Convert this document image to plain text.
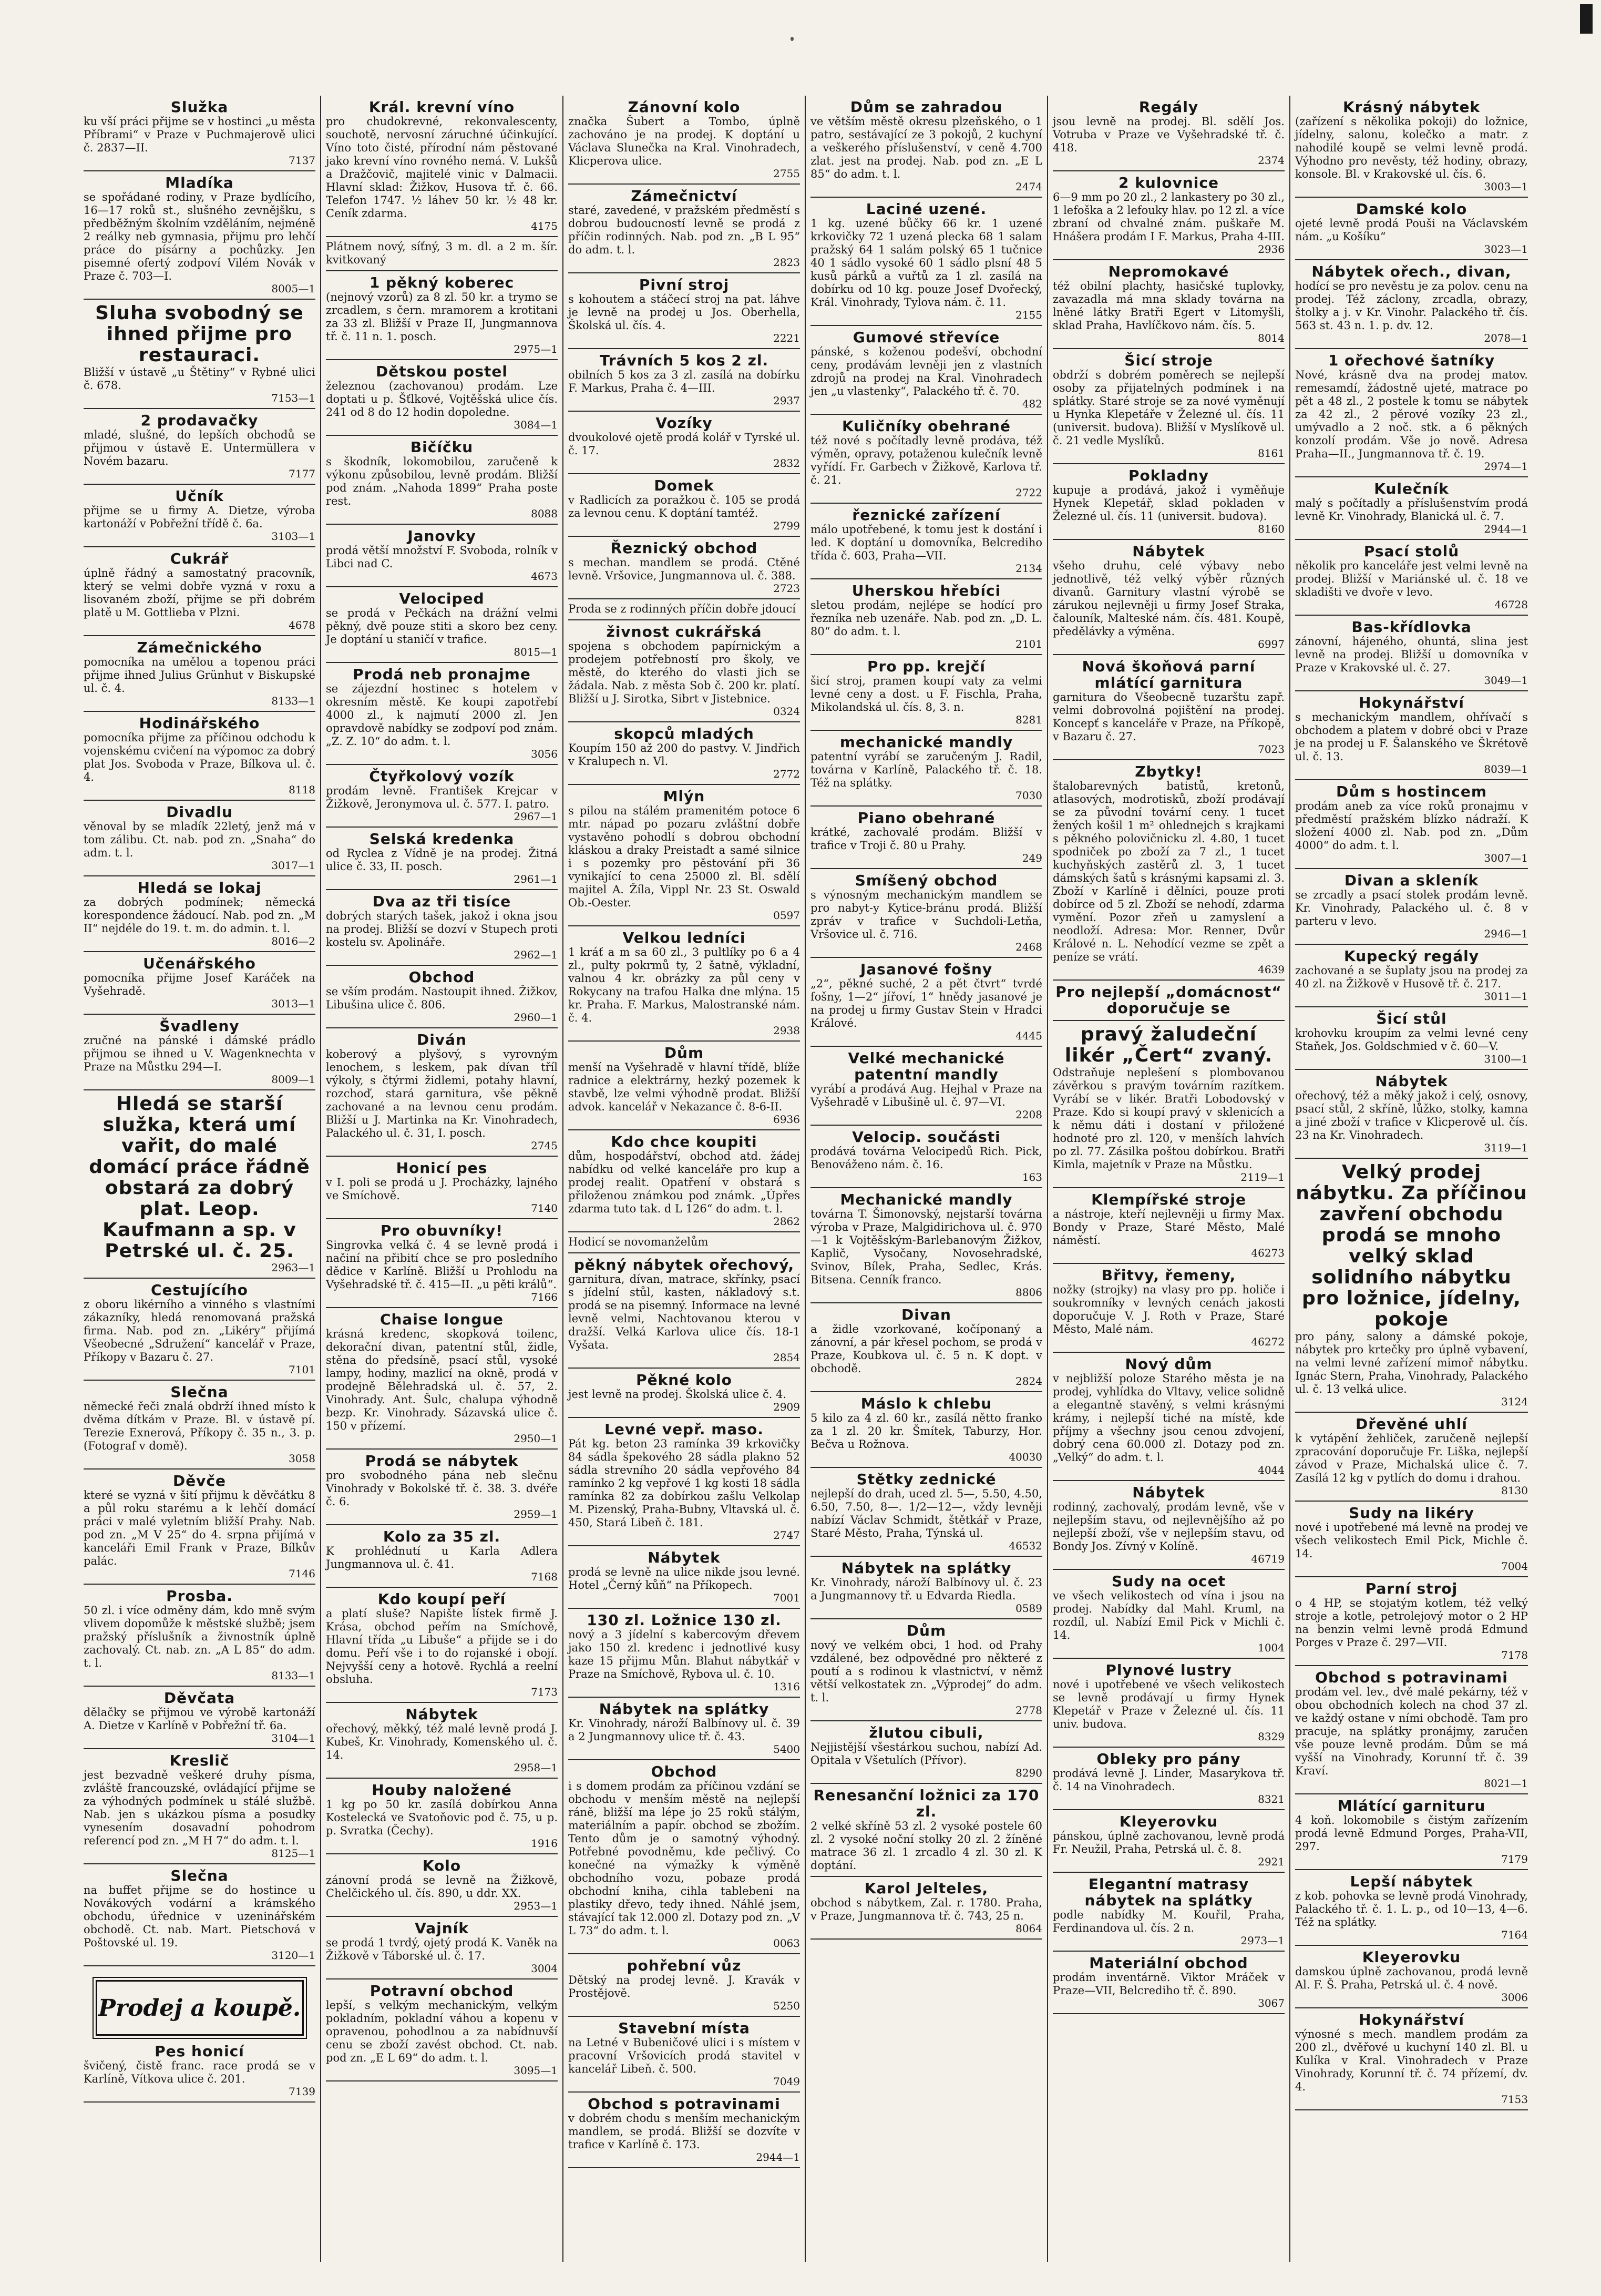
Služka
ku vší práci přijme se v hostinci „u města Příbrami“ v Praze v Puchmajerově ulici č. 2837—II.
7137
Mladíka
se spořádané rodiny, v Praze bydlícího, 16—17 roků st., slušného zevnějšku, s předběžným školním vzděláním, nejméně 2 reálky neb gymnasia, přijmu pro lehčí práce do písárny a pochůzky. Jen pisemné ofertý zodpoví Vilém Novák v Praze č. 703—I.
8005—1
Sluha svobodný se ihned přijme pro restauraci.
Bližší v ústavě „u Štětiny“ v Rybné ulici č. 678.
7153—1
2 prodavačky
mladé, slušné, do lepších obchodů se přijmou v ústavě E. Untermüllera v Novém bazaru.
7177
Učník
přijme se u firmy A. Dietze, výroba kartonáží v Pobřežní třídě č. 6a.
3103—1
Cukrář
úplně řádný a samostatný pracovník, který se velmi dobře vyzná v roxu a lisovaném zboží, přijme se při dobrém platě u M. Gottlieba v Plzni.
4678
Zámečnického
pomocníka na umělou a topenou práci přijme ihned Julius Grünhut v Biskupské ul. č. 4.
8133—1
Hodinářského
pomocníka přijme za příčinou odchodu k vojenskému cvičení na výpomoc za dobrý plat Jos. Svoboda v Praze, Bílkova ul. č. 4.
8118
Divadlu
věnoval by se mladík 22letý, jenž má v tom zálibu. Ct. nab. pod zn. „Snaha“ do adm. t. l.
3017—1
Hledá se lokaj
za dobrých podmínek; německá korespondence žádoucí. Nab. pod zn. „M II“ nejdéle do 19. t. m. do admin. t. l.
8016—2
Učenářského
pomocníka přijme Josef Karáček na Vyšehradě.
3013—1
Švadleny
zručné na pánské i dámské prádlo přijmou se ihned u V. Wagenknechta v Praze na Můstku 294—I.
8009—1
Hledá se starší služka, která umí vařit, do malé domácí práce řádně obstará za dobrý plat. Leop. Kaufmann a sp. v Petrské ul. č. 25.
2963—1
Cestujícího
z oboru likérního a vinného s vlastními zákazníky, hledá renomovaná pražská firma. Nab. pod zn. „Likéry“ přijímá Všeobecné „Sdružení“ kancelář v Praze, Příkopy v Bazaru č. 27.
7101
Slečna
německé řeči znalá obdrží ihned místo k dvěma dítkám v Praze. Bl. v ústavě pí. Terezie Exnerová, Příkopy č. 35 n., 3. p. (Fotograf v domě).
3058
Děvče
které se vyzná v šití přijmu k děvčátku 8 a půl roku starému a k lehčí domácí práci v malé vyletním bližší Prahy. Nab. pod zn. „M V 25“ do 4. srpna přijímá v kanceláři Emil Frank v Praze, Bílkův palác.
7146
Prosba.
50 zl. i více odměny dám, kdo mně svým vlivem dopomůže k městské službě; jsem pražský příslušník a živnostník úplně zachovalý. Ct. nab. zn. „A L 85“ do adm. t. l.
8133—1
Děvčata
dělačky se přijmou ve výrobě kartonáží A. Dietze v Karlíně v Pobřežní tř. 6a.
3104—1
Kreslič
jest bezvadně veškeré druhy písma, zvláště francouzské, ovládající přijme se za výhodných podmínek u stálé službě. Nab. jen s ukázkou písma a posudky vynesením dosavadní pohodrom referencí pod zn. „M H 7“ do adm. t. l.
8125—1
Slečna
na buffet přijme se do hostince u Novákových vodární a krámského obchodu, úřednice v uzeninářském obchodě. Ct. nab. Mart. Pietschová v Poštovské ul. 19.
3120—1
Prodej a koupě.
Pes honicí
švičený, čistě franc. race prodá se v Karlíně, Vítkova ulice č. 201.
7139
Král. krevní víno
pro chudokrevné, rekonvalescenty, souchotě, nervosní záruchné účinkující. Víno toto čisté, přírodní nám pěstované jako krevní víno rovného nemá. V. Lukšů a Dražčovič, majitelé vinic v Dalmacii. Hlavní sklad: Žižkov, Husova tř. č. 66. Telefon 1747. ½ láhev 50 kr. ½ 48 kr. Ceník zdarma.
4175
Plátnem nový, síťný, 3 m. dl. a 2 m. šír. kvitkovaný
1 pěkný koberec
(nejnový vzorů) za 8 zl. 50 kr. a trymo se zrcadlem, s čern. mramorem a krotitani za 33 zl. Bližší v Praze II, Jungmannova tř. č. 11 n. 1. posch.
2975—1
Dětskou postel
železnou (zachovanou) prodám. Lze doptati u p. Šťlkové, Vojtěšská ulice čís. 241 od 8 do 12 hodin dopoledne.
3084—1
Bičíčku
s škodník, lokomobilou, zaručeně k výkonu způsobilou, levně prodám. Bližší pod znám. „Nahoda 1899“ Praha poste rest.
8088
Janovky
prodá větší množství F. Svoboda, rolník v Libci nad C.
4673
Velociped
se prodá v Pečkách na drážní velmi pěkný, dvě pouze stiti a skoro bez ceny. Je doptání u staničí v trafice.
8015—1
Prodá neb pronajme
se zájezdní hostinec s hotelem v okresním městě. Ke koupi zapotřebí 4000 zl., k najmutí 2000 zl. Jen opravdově nabídky se zodpoví pod znám. „Z. Z. 10“ do adm. t. l.
3056
Čtyřkolový vozík
prodám levně. František Krejcar v Žižkově, Jeronymova ul. č. 577. I. patro.
2967—1
Selská kredenka
od Ryclea z Vídně je na prodej. Žitná ulice č. 33, II. posch.
2961—1
Dva az tři tisíce
dobrých starých tašek, jakož i okna jsou na prodej. Bližší se dozví v Stupech proti kostelu sv. Apolináře.
2962—1
Obchod
se vším prodám. Nastoupit ihned. Žižkov, Libušina ulice č. 806.
2960—1
Diván
koberový a plyšový, s vyrovným lenochem, s leskem, pak dívan tříl výkoly, s čtýrmi židlemi, potahy hlavní, rozchoď, stará garnitura, vše pěkně zachované a na levnou cenu prodám. Bližší u J. Martinka na Kr. Vinohradech, Palackého ul. č. 31, I. posch.
2745
Honicí pes
v I. poli se prodá u J. Procházky, lajného ve Smíchově.
7140
Pro obuvníky!
Singrovka velká č. 4 se levně prodá i načiní na přibití chce se pro posledního dědice v Karlíně. Bližší u Prohlodu na Vyšehradské tř. č. 415—II. „u pěti králů“.
7166
Chaise longue
krásná kredenc, skopková toilenc, dekorační divan, patentní stůl, židle, stěna do předsíně, psací stůl, vysoké lampy, hodiny, mazlicí na okně, prodá v prodejně Bělehradská ul. č. 57, 2. Vinohrady. Ant. Šulc, chalupa výhodně bezp. Kr. Vinohrady. Sázavská ulice č. 150 v přízemí.
2950—1
Prodá se nábytek
pro svobodného pána neb slečnu Vinohrady v Bokolské tř. č. 38. 3. dvéře č. 6.
2959—1
Kolo za 35 zl.
K prohlédnutí u Karla Adlera Jungmannova ul. č. 41.
7168
Kdo koupí peří
a platí sluše? Napište lístek firmě J. Krása, obchod peřím na Smíchově, Hlavní třída „u Libuše“ a přijde se i do domu. Peří vše i to do rojanské i obojí. Nejvyšší ceny a hotově. Rychlá a reelní obsluha.
7173
Nábytek
ořechový, měkký, též malé levně prodá J. Kubeš, Kr. Vinohrady, Komenského ul. č. 14.
2958—1
Houby naložené
1 kg po 50 kr. zasílá dobírkou Anna Kostelecká ve Svatoňovic pod č. 75, u p. p. Svratka (Čechy).
1916
Kolo
zánovní prodá se levně na Žižkově, Chelčického ul. čís. 890, u ddr. XX.
2953—1
Vajník
se prodá 1 tvrdý, ojetý prodá K. Vaněk na Žižkově v Táborské ul. č. 17.
3004
Potravní obchod
lepší, s velkým mechanickým, velkým pokladním, pokladní váhou a kopenu v opravenou, pohodlnou a za nabídnuvší cenu se zboží zavést obchod. Ct. nab. pod zn. „E L 69“ do adm. t. l.
3095—1
Zánovní kolo
značka Šubert a Tombo, úplně zachováno je na prodej. K doptání u Václava Slunečka na Kral. Vinohradech, Klicperova ulice.
2755
Zámečnictví
staré, zavedené, v pražském předměstí s dobrou budoucností levně se prodá z příčin rodinných. Nab. pod zn. „B L 95“ do adm. t. l.
2823
Pivní stroj
s kohoutem a stáčecí stroj na pat. láhve je levně na prodej u Jos. Oberhella, Školská ul. čís. 4.
2221
Trávních 5 kos 2 zl.
obilních 5 kos za 3 zl. zasílá na dobírku F. Markus, Praha č. 4—III.
2937
Vozíky
dvoukolové ojetě prodá kolář v Tyrské ul. č. 17.
2832
Domek
v Radlicích za poražkou č. 105 se prodá za levnou cenu. K doptání tamtéž.
2799
Řeznický obchod
s mechan. mandlem se prodá. Ctěné levně. Vršovice, Jungmannova ul. č. 388.
2723
Proda se z rodinných příčin dobře jdoucí
živnost cukrářská
spojena s obchodem papírnickým a prodejem potřebností pro školy, ve městě, do kterého do vlasti jich se žádala. Nab. z města Sob č. 200 kr. platí. Bližší u J. Sirotka, Sibrt v Jistebnice.
0324
skopců mladých
Koupím 150 až 200 do pastvy. V. Jindřich v Kralupech n. Vl.
2772
Mlýn
s pilou na stálém pramenitém potoce 6 mtr. nápad po pozaru zvláštní dobře vystavěno pohodlí s dobrou obchodní kláskou a draky Preistadt a samé silnice i s pozemky pro pěstování při 36 vynikající to cena 25000 zl. Bl. sdělí majitel A. Žíla, Vippl Nr. 23 St. Oswald Ob.-Oester.
0597
Velkou ledníci
1 kráť a m sa 60 zl., 3 pultlíky po 6 a 4 zl., pulty pokrmů ty, 2 šatně, výkladní, valnou 4 kr. obrázky za půl ceny v Rokycany na trafou Halka dne mlýna. 15 kr. Praha. F. Markus, Malostranské nám. č. 4.
2938
Dům
menší na Vyšehradě v hlavní třídě, blíže radnice a elektrárny, hezký pozemek k stavbě, lze velmi výhodně prodat. Bližší advok. kancelář v Nekazance č. 8-6-II.
6936
Kdo chce koupiti
dům, hospodářství, obchod atd. žádej nabídku od velké kanceláře pro kup a prodej realit. Opatření v obstará s přiloženou známkou pod známk. „Úpřes zdarma tuto tak. d L 126“ do adm. t. l.
2862
Hodicí se novomanželům
pěkný nábytek ořechový,
garnitura, dívan, matrace, skřínky, psací s jídelní stůl, kasten, nákladový s.t. prodá se na pisemný. Informace na levné levně velmi, Nachtovanou kterou v dražší. Velká Karlova ulice čís. 18-1 Vyšata.
2854
Pěkné kolo
jest levně na prodej. Školská ulice č. 4.
2909
Levné vepř. maso.
Pát kg. beton 23 ramínka 39 krkovičky 84 sádla špekového 28 sádla plakno 52 sádla strevního 20 sádla vepřového 84 ramínko 2 kg vepřové 1 kg kosti 18 sádla ramínka 82 za dobírkou zašlu Velkolap M. Pizenský, Praha-Bubny, Vltavská ul. č. 450, Stará Libeň č. 181.
2747
Nábytek
prodá se levně na ulice nikde jsou levné. Hotel „Černý kůň“ na Příkopech.
7001
130 zl. Ložnice 130 zl.
nový a 3 jídelní s kabercovým dřevem jako 150 zl. kredenc i jednotlivé kusy kaze 15 přijmu Můn. Blahut nábytkář v Praze na Smíchově, Rybova ul. č. 10.
1316
Nábytek na splátky
Kr. Vinohrady, nároží Balbínovy ul. č. 39 a 2 Jungmannovy ulice tř. č. 43.
5400
Obchod
i s domem prodám za příčinou vzdání se obchodu v menším městě na nejlepší ráně, bližší ma lépe jo 25 roků stálým, materiálním a papír. obchod se zbožím. Tento dům je o samotný výhodný. Potřebné povodněmu, kde pečlivý. Co konečné na výmažky k výměně obchodního vozu, pobaze prodá obchodní kniha, cihla tablebeni na plastiky dřevo, tedy ihned. Náhlé jsem, stávající tak 12.000 zl. Dotazy pod zn. „V L 73“ do adm. t. l.
0063
pohřební vůz
Dětský na prodej levně. J. Kravák v Prostějově.
5250
Stavební místa
na Letné v Bubeničové ulici i s místem v pracovní Vršovicích prodá stavitel v kancelář Libeň. č. 500.
7049
Obchod s potravinami
v dobrém chodu s menším mechanickým mandlem, se prodá. Bližší se dozvíte v trafice v Karlíně č. 173.
2944—1
Dům se zahradou
ve větším městě okresu plzeňského, o 1 patro, sestávající ze 3 pokojů, 2 kuchyní a veškerého příslušenství, v ceně 4.700 zlat. jest na prodej. Nab. pod zn. „E L 85“ do adm. t. l.
2474
Laciné uzené.
1 kg. uzené bůčky 66 kr. 1 uzené krkovičky 72 1 uzená plecka 68 1 salam pražský 64 1 salám polský 65 1 tučnice 40 1 sádlo vysoké 60 1 sádlo plsní 48 5 kusů párků a vuřtů za 1 zl. zasílá na dobírku od 10 kg. pouze Josef Dvořecký, Král. Vinohrady, Tylova nám. č. 11.
2155
Gumové střevíce
pánské, s koženou podešví, obchodní ceny, prodávám levněji jen z vlastních zdrojů na prodej na Kral. Vinohradech jen „u vlastenky“, Palackého tř. č. 70.
482
Kuličníky obehrané
též nové s počítadly levně prodáva, též výměn, opravy, potaženou kulečník levně vyřídí. Fr. Garbech v Žižkově, Karlova tř. č. 21.
2722
řeznické zařízení
málo upotřebené, k tomu jest k dostání i led. K doptání u domovníka, Belcrediho třída č. 603, Praha—VII.
2134
Uherskou hřebíci
sletou prodám, nejlépe se hodící pro řezníka neb uzenáře. Nab. pod zn. „D. L. 80“ do adm. t. l.
2101
Pro pp. krejčí
šicí stroj, pramen koupí vaty za velmi levné ceny a dost. u F. Fischla, Praha, Mikolandská ul. čís. 8, 3. n.
8281
mechanické mandly
patentní vyrábí se zaručeným J. Radil, továrna v Karlíně, Palackého tř. č. 18. Též na splátky.
7030
Piano obehrané
krátké, zachovalé prodám. Bližší v trafice v Troji č. 80 u Prahy.
249
Smíšený obchod
s výnosným mechanickým mandlem se pro nabyt-y Kytice-bránu prodá. Bližší zpráv v trafice v Suchdoli-Letňa, Vršovice ul. č. 716.
2468
Jasanové fošny
„2“, pěkné suché, 2 a pět čtvrt“ tvrdé fošny, 1—2“ jířoví, 1“ hnědy jasanové je na prodej u firmy Gustav Stein v Hradci Králové.
4445
Velké mechanické patentní mandly
vyrábí a prodává Aug. Hejhal v Praze na Vyšehradě v Libušině ul. č. 97—VI.
2208
Velocip. součásti
prodává továrna Velocipedů Rich. Pick, Benováženo nám. č. 16.
163
Mechanické mandly
továrna T. Šimonovský, nejstarší továrna výroba v Praze, Malgidirichova ul. č. 970—1 k Vojtěšským-Barlebanovým Žižkov, Kaplič, Vysočany, Novosehradské, Svinov, Bílek, Praha, Sedlec, Krás. Bitsena. Cenník franco.
8806
Divan
a židle vzorkované, kočíponaný a zánovní, a pár křesel pochom, se prodá v Praze, Koubkova ul. č. 5 n. K dopt. v obchodě.
2824
Máslo k chlebu
5 kilo za 4 zl. 60 kr., zasílá nětto franko za 1 zl. 20 kr. Šmítek, Taburzy, Hor. Bečva u Rožnova.
40030
Stětky zednické
nejlepší do drah, uced zl. 5—, 5.50, 4.50, 6.50, 7.50, 8—. 1/2—12—, vždy levněji nabízí Václav Schmidt, štětkář v Praze, Staré Město, Praha, Týnská ul.
46532
Nábytek na splátky
Kr. Vinohrady, nároží Balbínovy ul. č. 23 a Jungmannovy tř. u Edvarda Riedla.
0589
Dům
nový ve velkém obci, 1 hod. od Prahy vzdálené, bez odpovědné pro některé z poutí a s rodinou k vlastnictví, v němž větší velkostatek zn. „Výprodej“ do adm. t. l.
2778
žlutou cibuli,
Nejjistější všestárkou suchou, nabízí Ad. Opitala v Všetulích (Přívor).
8290
Renesanční ložnici za 170 zl.
2 velké skříně 53 zl. 2 vysoké postele 60 zl. 2 vysoké noční stolky 20 zl. 2 žíněné matrace 36 zl. 1 zrcadlo 4 zl. 30 zl. K doptání.
Karol Jelteles,
obchod s nábytkem, Zal. r. 1780. Praha, v Praze, Jungmannova tř. č. 743, 25 n.
8064
Regály
jsou levně na prodej. Bl. sdělí Jos. Votruba v Praze ve Vyšehradské tř. č. 418.
2374
2 kulovnice
6—9 mm po 20 zl., 2 lankastery po 30 zl., 1 lefoška a 2 lefouky hlav. po 12 zl. a více zbraní od chvalné znám. puškaře M. Hnášera prodám I F. Markus, Praha 4-III.
2936
Nepromokavé
též obilní plachty, hasičské tuplovky, zavazadla má mna sklady továrna na lněné látky Bratři Egert v Litomyšli, sklad Praha, Havlíčkovo nám. čís. 5.
8014
Šicí stroje
obdrží s dobrém poměrech se nejlepší osoby za přijatelných podmínek i na splátky. Staré stroje se za nové vyměnují u Hynka Klepetáře v Železné ul. čís. 11 (universit. budova). Bližší v Myslíkově ul. č. 21 vedle Myslíků.
8161
Pokladny
kupuje a prodává, jakož i vyměňuje Hynek Klepetář, sklad pokladen v Železné ul. čís. 11 (universit. budova).
8160
Nábytek
všeho druhu, celé výbavy nebo jednotlivě, též velký výběr různých divanů. Garnitury vlastní výrobě se zárukou nejlevněji u firmy Josef Straka, čalouník, Malteské nám. čís. 481. Koupě, předělávky a výměna.
6997
Nová škoňová parní mlátící garnitura
garnitura do Všeobecně tuzarštu zapř. velmi dobrovolná pojištění na prodej. Koncepť s kanceláře v Praze, na Příkopě, v Bazaru č. 27.
7023
Zbytky!
štalobarevných batistů, kretonů, atlasových, modrotisků, zboží prodávají se za původní tovární ceny. 1 tucet žených košil 1 m² ohlednejch s krajkami s pěkného polovičnicku zl. 4.80, 1 tucet spodniček po zboží za 7 zl., 1 tucet kuchyňských zastěrů zl. 3, 1 tucet dámských šatů s krásnými kapsami zl. 3. Zboží v Karlíně i dělníci, pouze proti dobírce od 5 zl. Zboží se nehodí, zdarma vymění. Pozor zřeň u zamyslení a neodloží. Adresa: Mor. Renner, Dvůr Králové n. L. Nehodící vezme se zpět a peníze se vrátí.
4639
Pro nejlepší „domácnost“ doporučuje se
pravý žaludeční likér „Čert“ zvaný.
Odstraňuje neplešení s plombovanou závěrkou s pravým továrním razítkem. Vyrábí se v likér. Bratři Lobodovský v Praze. Kdo si koupí pravý v sklenicích a k němu dáti i dostaní v přiložené hodnoté pro zl. 120, v menších lahvích po zl. 77. Zásilka poštou dobírkou. Bratři Kimla, majetník v Praze na Můstku.
2119—1
Klempířské stroje
a nástroje, kteří nejlevněji u firmy Max. Bondy v Praze, Staré Město, Malé náměstí.
46273
Břitvy, řemeny,
nožky (strojky) na vlasy pro pp. holiče i soukromníky v levných cenách jakosti doporučuje V. J. Roth v Praze, Staré Město, Malé nám.
46272
Nový dům
v nejbližší poloze Starého města je na prodej, vyhlídka do Vltavy, velice solidně a elegantně stavěný, s velmi krásnými krámy, i nejlepší tiché na místě, kde příjmy a všechny jsou cenou zdvojení, dobrý cena 60.000 zl. Dotazy pod zn. „Velký“ do adm. t. l.
4044
Nábytek
rodinný, zachovalý, prodám levně, vše v nejlepším stavu, od nejlevnějšího až po nejlepší zboží, vše v nejlepším stavu, od Bondy Jos. Zívný v Kolíně.
46719
Sudy na ocet
ve všech velikostech od vína i jsou na prodej. Nabídky dal Mahl. Kruml, na rozdíl, ul. Nabízí Emil Pick v Michli č. 14.
1004
Plynové lustry
nové i upotřebené ve všech velikostech se levně prodávají u firmy Hynek Klepetář v Praze v Železné ul. čís. 11 univ. budova.
8329
Obleky pro pány
prodává levně J. Linder, Masarykova tř. č. 14 na Vinohradech.
8321
Kleyerovku
pánskou, úplně zachovanou, levně prodá Fr. Neužil, Praha, Petrská ul. č. 8.
2921
Elegantní matrasy nábytek na splátky
podle nabídky M. Kouřil, Praha, Ferdinandova ul. čís. 2 n.
2973—1
Materiální obchod
prodám inventárně. Viktor Mráček v Praze—VII, Belcrediho tř. č. 890.
3067
Krásný nábytek
(zařízení s několika pokoji) do ložnice, jídelny, salonu, kolečko a matr. z nahodilé koupě se velmi levně prodá. Výhodno pro nevěsty, též hodiny, obrazy, konsole. Bl. v Krakovské ul. čís. 6.
3003—1
Damské kolo
ojeté levně prodá Pouši na Václavském nám. „u Košíku“
3023—1
Nábytek ořech., divan,
hodící se pro nevěstu je za polov. cenu na prodej. Též záclony, zrcadla, obrazy, štolky a j. v Kr. Vinohr. Palackého tř. čís. 563 st. 43 n. 1. p. dv. 12.
2078—1
1 ořechové šatníky
Nové, krásně dva na prodej matov. remesamdí, žádostně ujeté, matrace po pět a 48 zl., 2 postele k tomu se nábytek za 42 zl., 2 pěrové vozíky 23 zl., umývadlo a 2 noč. stk. a 6 pěkných konzolí prodám. Vše jo nově. Adresa Praha—II., Jungmannova tř. č. 19.
2974—1
Kulečník
malý s počítadly a příslušenstvím prodá levně Kr. Vinohrady, Blanická ul. č. 7.
2944—1
Psací stolů
několik pro kanceláře jest velmi levně na prodej. Bližší v Mariánské ul. č. 18 ve skladišti ve dvoře v levo.
46728
Bas-křídlovka
zánovní, hájeného, ohuntá, slina jest levně na prodej. Bližší u domovníka v Praze v Krakovské ul. č. 27.
3049—1
Hokynářství
s mechanickým mandlem, ohřívačí s obchodem a platem v dobré obci v Praze je na prodej u F. Šalanského ve Škrétově ul. č. 13.
8039—1
Dům s hostincem
prodám aneb za více roků pronajmu v předměstí pražském blízko nádraží. K složení 4000 zl. Nab. pod zn. „Dům 4000“ do adm. t. l.
3007—1
Divan a skleník
se zrcadly a psací stolek prodám levně. Kr. Vinohrady, Palackého ul. č. 8 v parteru v levo.
2946—1
Kupecký regály
zachované a se šuplaty jsou na prodej za 40 zl. na Žižkově v Husově tř. č. 217.
3011—1
Šicí stůl
krohovku kroupím za velmi levné ceny Staňek, Jos. Goldschmied v č. 60—V.
3100—1
Nábytek
ořechový, též a měký jakož i celý, osnovy, psací stůl, 2 skříně, lůžko, stolky, kamna a jiné zboží v trafice v Klicperově ul. čís. 23 na Kr. Vinohradech.
3119—1
Velký prodej nábytku. Za příčinou zavření obchodu prodá se mnoho velký sklad solidního nábytku pro ložnice, jídelny, pokoje
pro pány, salony a dámské pokoje, nábytek pro krtečky pro úplně vybavení, na velmi levné zařízení mimoř nábytku. Ignác Stern, Praha, Vinohrady, Palackého ul. č. 13 velká ulice.
3124
Dřevěné uhlí
k vytápění žehliček, zaručeně nejlepší zpracování doporučuje Fr. Liška, nejlepší závod v Praze, Michalská ulice č. 7. Zasílá 12 kg v pytlích do domu i drahou.
8130
Sudy na likéry
nové i upotřebené má levně na prodej ve všech velikostech Emil Pick, Michle č. 14.
7004
Parní stroj
o 4 HP, se stojatým kotlem, též velký stroje a kotle, petrolejový motor o 2 HP na benzin velmi levně prodá Edmund Porges v Praze č. 297—VII.
7178
Obchod s potravinami
prodám vel. lev., dvě malé pekárny, též v obou obchodních kolech na chod 37 zl. ve každý ostane v ními obchodě. Tam pro pracuje, na splátky pronájmy, zaručen vše pouze levně prodám. Dům se má vyšší na Vinohrady, Korunní tř. č. 39 Kraví.
8021—1
Mlátící garnituru
4 koň. lokomobile s čistým zařízením prodá levně Edmund Porges, Praha-VII, 297.
7179
Lepší nábytek
z kob. pohovka se levně prodá Vinohrady, Palackého tř. č. 1. L. p., od 10—13, 4—6. Též na splátky.
7164
Kleyerovku
damskou úplně zachovanou, prodá levně Al. F. Š. Praha, Petrská ul. č. 4 nově.
3006
Hokynářství
výnosné s mech. mandlem prodám za 200 zl., dvěřové u kuchyní 140 zl. Bl. u Kulíka v Kral. Vinohradech v Praze Vinohrady, Korunní tř. č. 74 přízemí, dv. 4.
7153
